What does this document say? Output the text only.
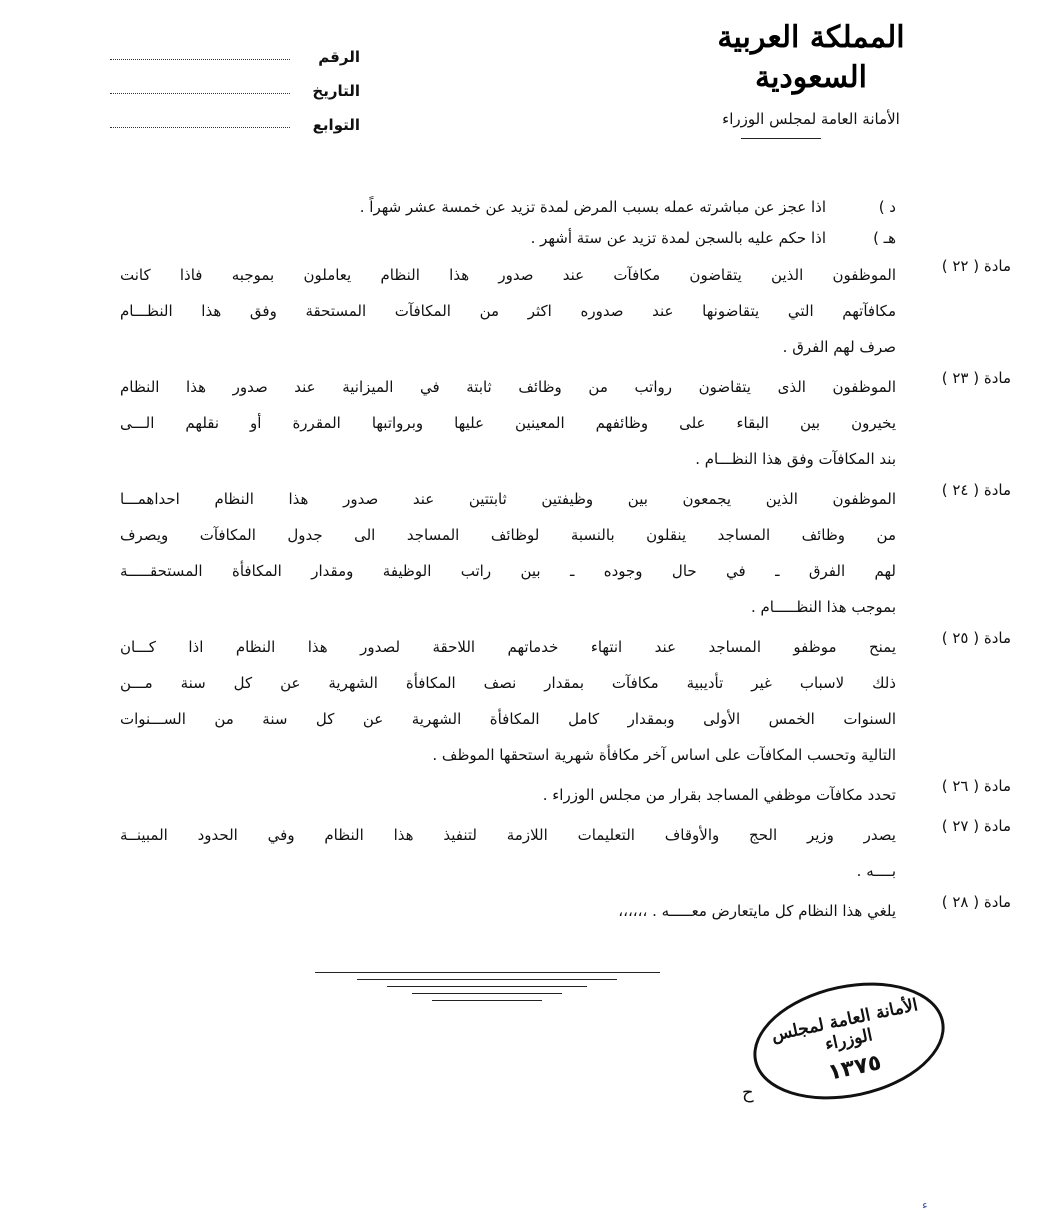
المملكة العربية السعودية
الأمانة العامة لمجلس الوزراء
الرقم
التاريخ
التوابع
د )
اذا عجز عن مباشرته عمله بسبب المرض لمدة تزيد عن خمسة عشر شهراً .
هـ )
اذا حكم عليه بالسجن لمدة تزيد عن ستة أشهر .
مادة ( ٢٢ )

الموظفون الذين يتقاضون مكافآت عند صدور هذا النظام يعاملون بموجبه فاذا كانت

مكافآتهم التي يتقاضونها عند صدوره اكثر من المكافآت المستحقة وفق هذا النظـــام

صرف لهم الفرق .

مادة ( ٢٣ )

الموظفون الذى يتقاضون رواتب من وظائف ثابتة في الميزانية عند صدور هذا النظام

يخيرون بين البقاء على وظائفهم المعينين عليها وبرواتبها المقررة أو نقلهم الـــى

بند المكافآت وفق هذا النظـــام .

مادة ( ٢٤ )

الموظفون الذين يجمعون بين وظيفتين ثابتتين عند صدور هذا النظام احداهمـــا

من وظائف المساجد ينقلون بالنسبة لوظائف المساجد الى جدول المكافآت ويصرف

لهم الفرق ـ في حال وجوده ـ بين راتب الوظيفة ومقدار المكافأة المستحقـــــة

بموجب هذا النظـــــام .

مادة ( ٢٥ )

يمنح موظفو المساجد عند انتهاء خدماتهم اللاحقة لصدور هذا النظام اذا كـــان

ذلك لاسباب غير تأديبية مكافآت بمقدار نصف المكافأة الشهرية عن كل سنة مـــن

السنوات الخمس الأولى وبمقدار كامل المكافأة الشهرية عن كل سنة من الســـنوات

التالية وتحسب المكافآت على اساس آخر مكافأة شهرية استحقها الموظف .

مادة ( ٢٦ )

تحدد مكافآت موظفي المساجد بقرار من مجلس الوزراء .

مادة ( ٢٧ )

يصدر وزير الحج والأوقاف التعليمات اللازمة لتنفيذ هذا النظام وفي الحدود المبينــة

بــــه .

مادة ( ٢٨ )

يلغي هذا النظام كل مايتعارض معـــــه . ،،،،،،

الأمانة العامة لمجلس الوزراء
١٣٧٥
ح
ء
